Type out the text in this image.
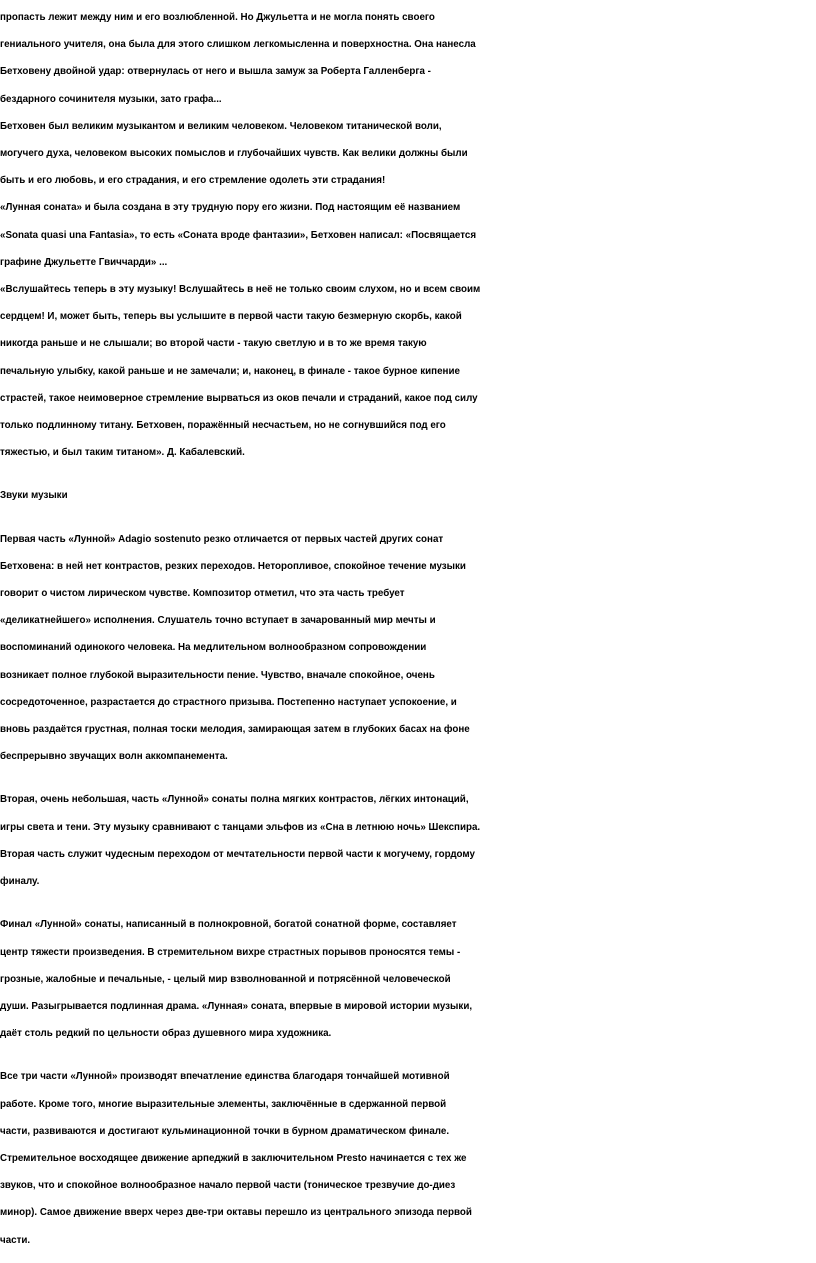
пропасть лежит между ним и его возлюбленной. Но Джульетта и не могла понять своего
гениального учителя, она была для этого слишком легкомысленна и поверхностна. Она нанесла
Бетховену двойной удар: отвернулась от него и вышла замуж за Роберта Галленберга -
бездарного сочинителя музыки, зато графа...
Бетховен был великим музыкантом и великим человеком. Человеком титанической воли,
могучего духа, человеком высоких помыслов и глубочайших чувств. Как велики должны были
быть и его любовь, и его страдания, и его стремление одолеть эти страдания!
«Лунная соната» и была создана в эту трудную пору его жизни. Под настоящим её названием
«Sonata quasi una Fantasia», то есть «Соната вроде фантазии», Бетховен написал: «Посвящается
графине Джульетте Гвиччарди» ...
«Вслушайтесь теперь в эту музыку! Вслушайтесь в неё не только своим слухом, но и всем своим
сердцем! И, может быть, теперь вы услышите в первой части такую безмерную скорбь, какой
никогда раньше и не слышали; во второй части - такую светлую и в то же время такую
печальную улыбку, какой раньше и не замечали; и, наконец, в финале - такое бурное кипение
страстей, такое неимоверное стремление вырваться из оков печали и страданий, какое под силу
только подлинному титану. Бетховен, поражённый несчастьем, но не согнувшийся под его
тяжестью, и был таким титаном». Д. Кабалевский.
Звуки музыки
Первая часть «Лунной» Adagio sostenuto резко отличается от первых частей других сонат
Бетховена: в ней нет контрастов, резких переходов. Неторопливое, спокойное течение музыки
говорит о чистом лирическом чувстве. Композитор отметил, что эта часть требует
«деликатнейшего» исполнения. Слушатель точно вступает в зачарованный мир мечты и
воспоминаний одинокого человека. На медлительном волнообразном сопровождении
возникает полное глубокой выразительности пение. Чувство, вначале спокойное, очень
сосредоточенное, разрастается до страстного призыва. Постепенно наступает успокоение, и
вновь раздаётся грустная, полная тоски мелодия, замирающая затем в глубоких басах на фоне
беспрерывно звучащих волн аккомпанемента.
Вторая, очень небольшая, часть «Лунной» сонаты полна мягких контрастов, лёгких интонаций,
игры света и тени. Эту музыку сравнивают с танцами эльфов из «Сна в летнюю ночь» Шекспира.
Вторая часть служит чудесным переходом от мечтательности первой части к могучему, гордому
финалу.
Финал «Лунной» сонаты, написанный в полнокровной, богатой сонатной форме, составляет
центр тяжести произведения. В стремительном вихре страстных порывов проносятся темы -
грозные, жалобные и печальные, - целый мир взволнованной и потрясённой человеческой
души. Разыгрывается подлинная драма. «Лунная» соната, впервые в мировой истории музыки,
даёт столь редкий по цельности образ душевного мира художника.
Все три части «Лунной» производят впечатление единства благодаря тончайшей мотивной
работе. Кроме того, многие выразительные элементы, заключённые в сдержанной первой
части, развиваются и достигают кульминационной точки в бурном драматическом финале.
Стремительное восходящее движение арпеджий в заключительном Presto начинается с тех же
звуков, что и спокойное волнообразное начало первой части (тоническое трезвучие до-диез
минор). Самое движение вверх через две-три октавы перешло из центрального эпизода первой
части.
